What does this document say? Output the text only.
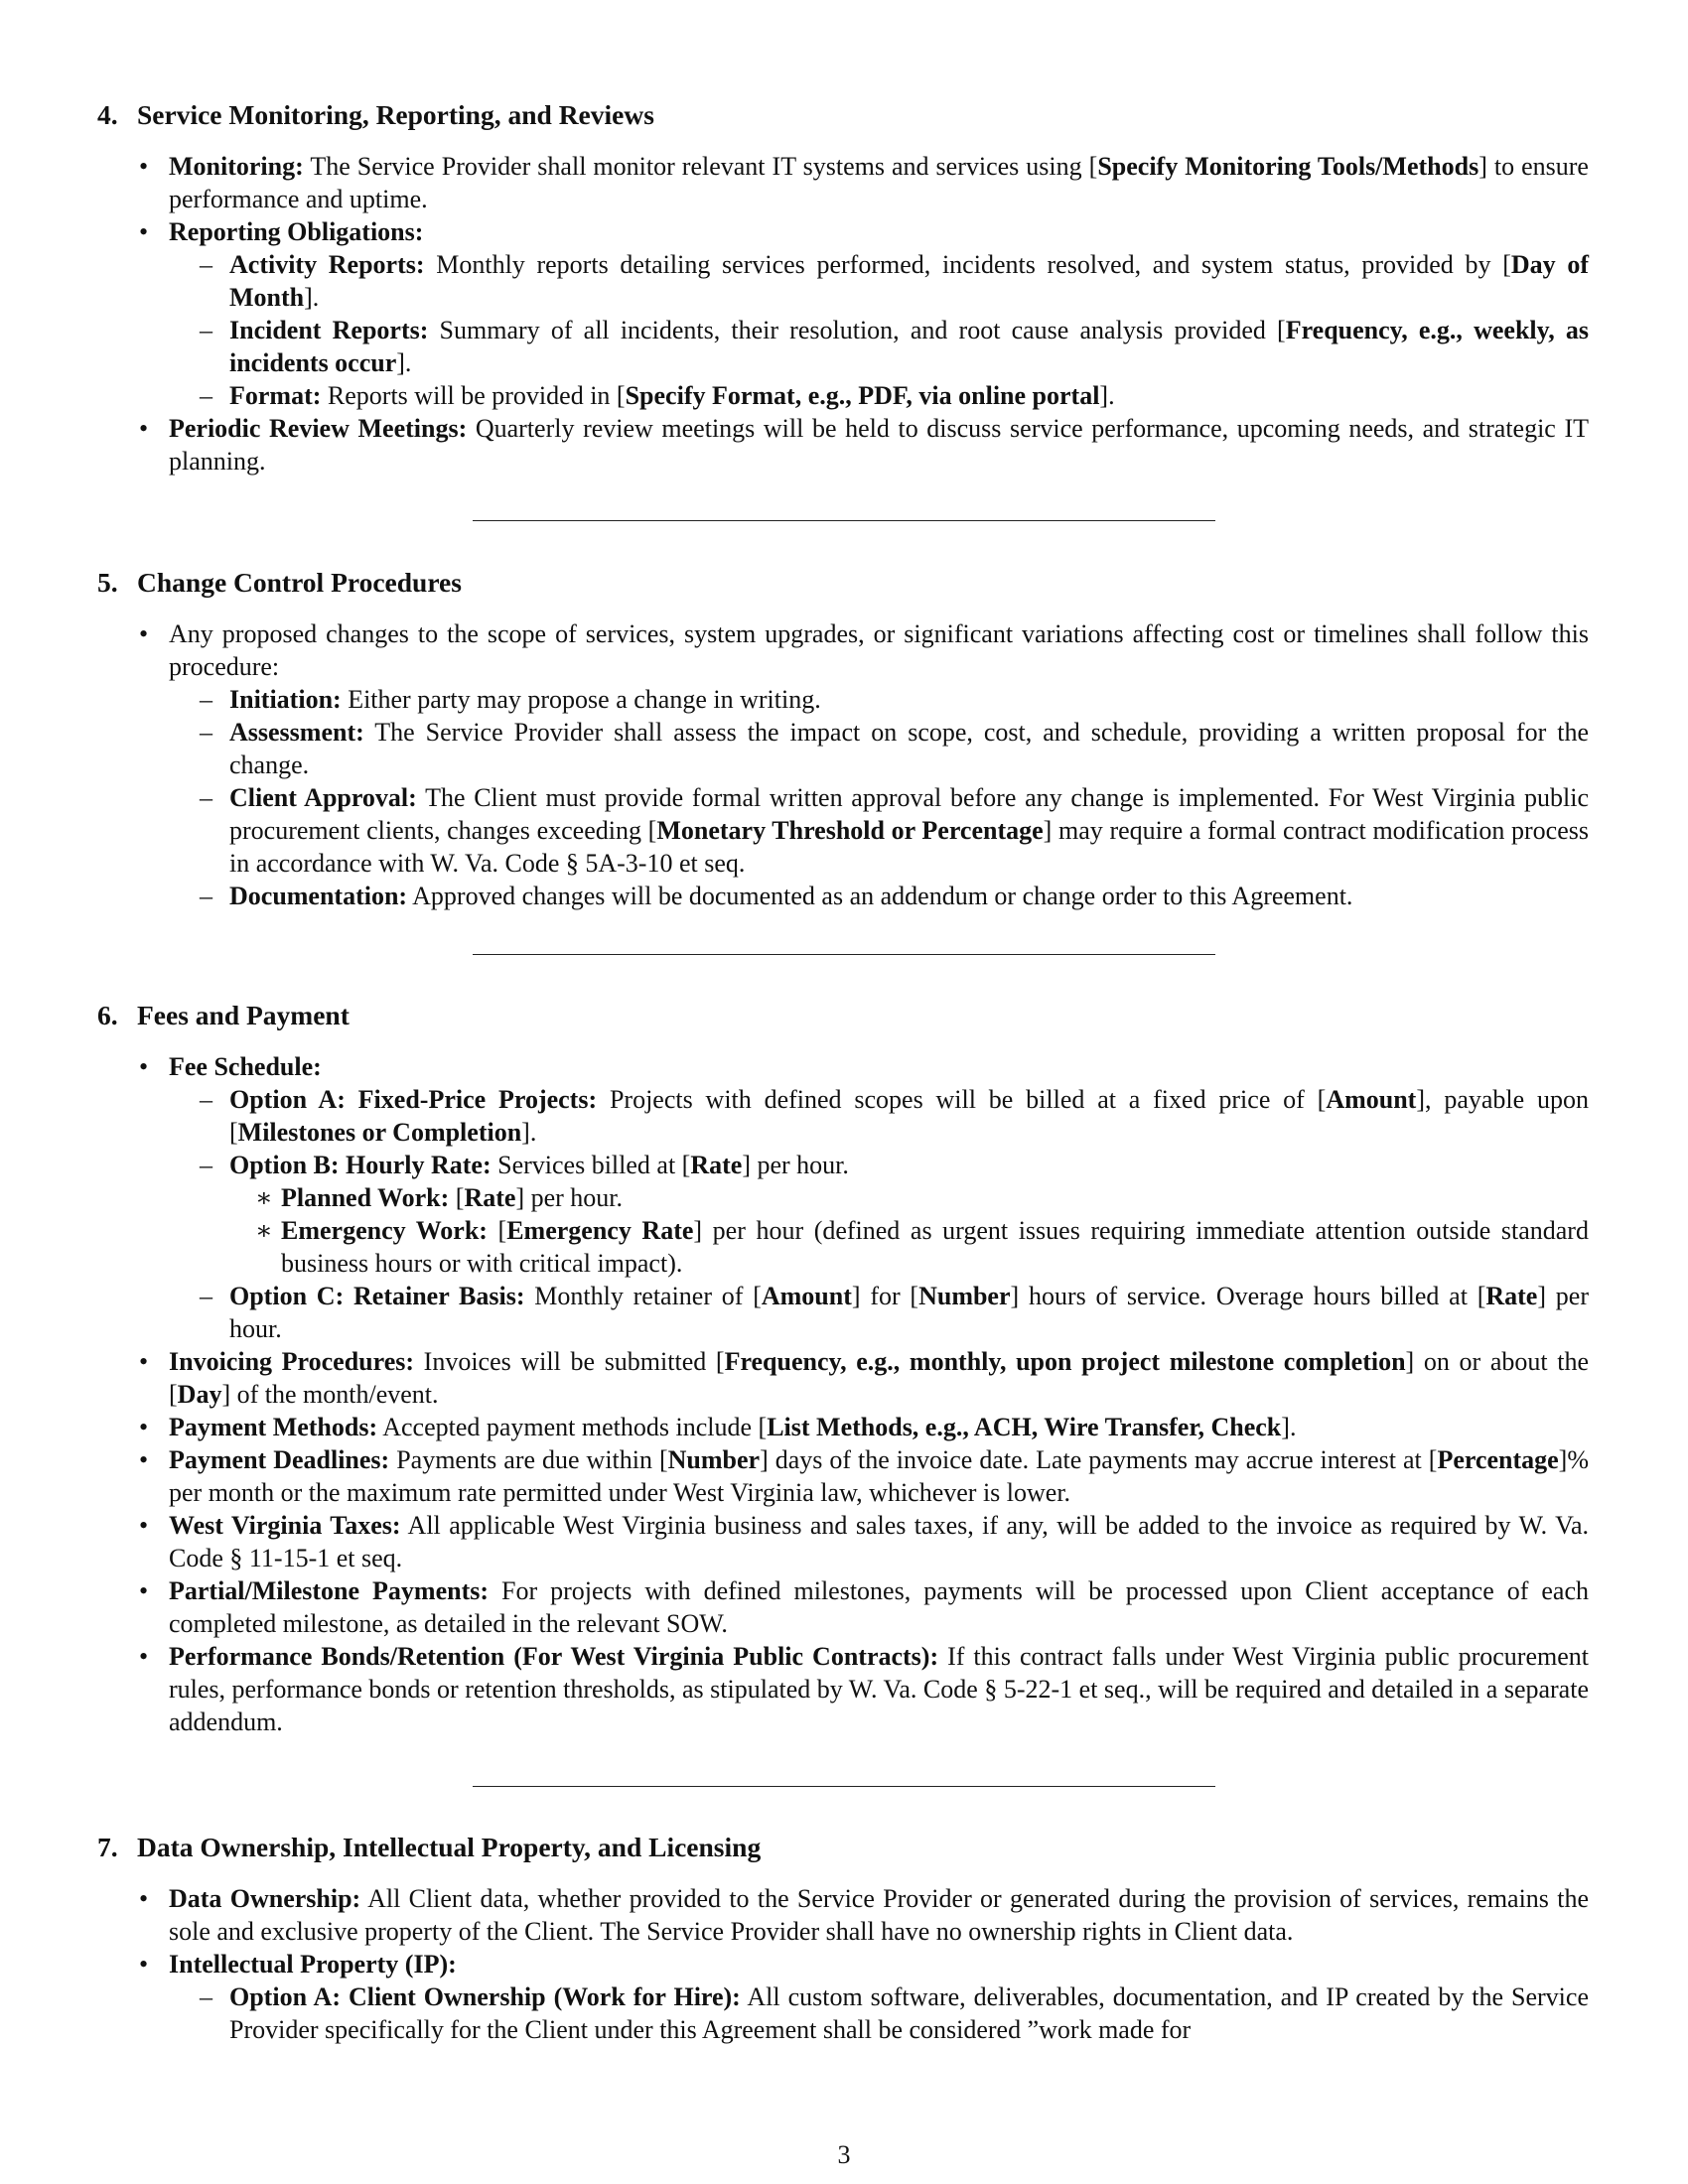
4. Service Monitoring, Reporting, and Reviews

• Monitoring: The Service Provider shall monitor relevant IT systems and services using [Specify Monitoring Tools/Methods] to ensure performance and uptime.

• Reporting Obligations:

– Activity Reports: Monthly reports detailing services performed, incidents resolved, and system status, provided by [Day of Month].

– Incident Reports: Summary of all incidents, their resolution, and root cause analysis provided [Frequency, e.g., weekly, as incidents occur].

– Format: Reports will be provided in [Specify Format, e.g., PDF, via online portal].

• Periodic Review Meetings: Quarterly review meetings will be held to discuss service performance, upcoming needs, and strategic IT planning.

5. Change Control Procedures

• Any proposed changes to the scope of services, system upgrades, or significant variations affecting cost or timelines shall follow this procedure:

– Initiation: Either party may propose a change in writing.

– Assessment: The Service Provider shall assess the impact on scope, cost, and schedule, providing a written proposal for the change.

– Client Approval: The Client must provide formal written approval before any change is implemented. For West Virginia public procurement clients, changes exceeding [Monetary Threshold or Percentage] may require a formal contract modification process in accordance with W. Va. Code § 5A-3-10 et seq.

– Documentation: Approved changes will be documented as an addendum or change order to this Agreement.

6. Fees and Payment

• Fee Schedule:

– Option A: Fixed-Price Projects: Projects with defined scopes will be billed at a fixed price of [Amount], payable upon [Milestones or Completion].

– Option B: Hourly Rate: Services billed at [Rate] per hour.

∗ Planned Work: [Rate] per hour.

∗ Emergency Work: [Emergency Rate] per hour (defined as urgent issues requiring immediate attention outside standard business hours or with critical impact).

– Option C: Retainer Basis: Monthly retainer of [Amount] for [Number] hours of service. Overage hours billed at [Rate] per hour.

• Invoicing Procedures: Invoices will be submitted [Frequency, e.g., monthly, upon project milestone completion] on or about the [Day] of the month/event.

• Payment Methods: Accepted payment methods include [List Methods, e.g., ACH, Wire Transfer, Check].

• Payment Deadlines: Payments are due within [Number] days of the invoice date. Late payments may accrue interest at [Percentage]% per month or the maximum rate permitted under West Virginia law, whichever is lower.

• West Virginia Taxes: All applicable West Virginia business and sales taxes, if any, will be added to the invoice as required by W. Va. Code § 11-15-1 et seq.

• Partial/Milestone Payments: For projects with defined milestones, payments will be processed upon Client acceptance of each completed milestone, as detailed in the relevant SOW.

• Performance Bonds/Retention (For West Virginia Public Contracts): If this contract falls under West Virginia public procurement rules, performance bonds or retention thresholds, as stipulated by W. Va. Code § 5-22-1 et seq., will be required and detailed in a separate addendum.

7. Data Ownership, Intellectual Property, and Licensing

• Data Ownership: All Client data, whether provided to the Service Provider or generated during the provision of services, remains the sole and exclusive property of the Client. The Service Provider shall have no ownership rights in Client data.

• Intellectual Property (IP):

– Option A: Client Ownership (Work for Hire): All custom software, deliverables, documentation, and IP created by the Service Provider specifically for the Client under this Agreement shall be considered ”work made for

3
